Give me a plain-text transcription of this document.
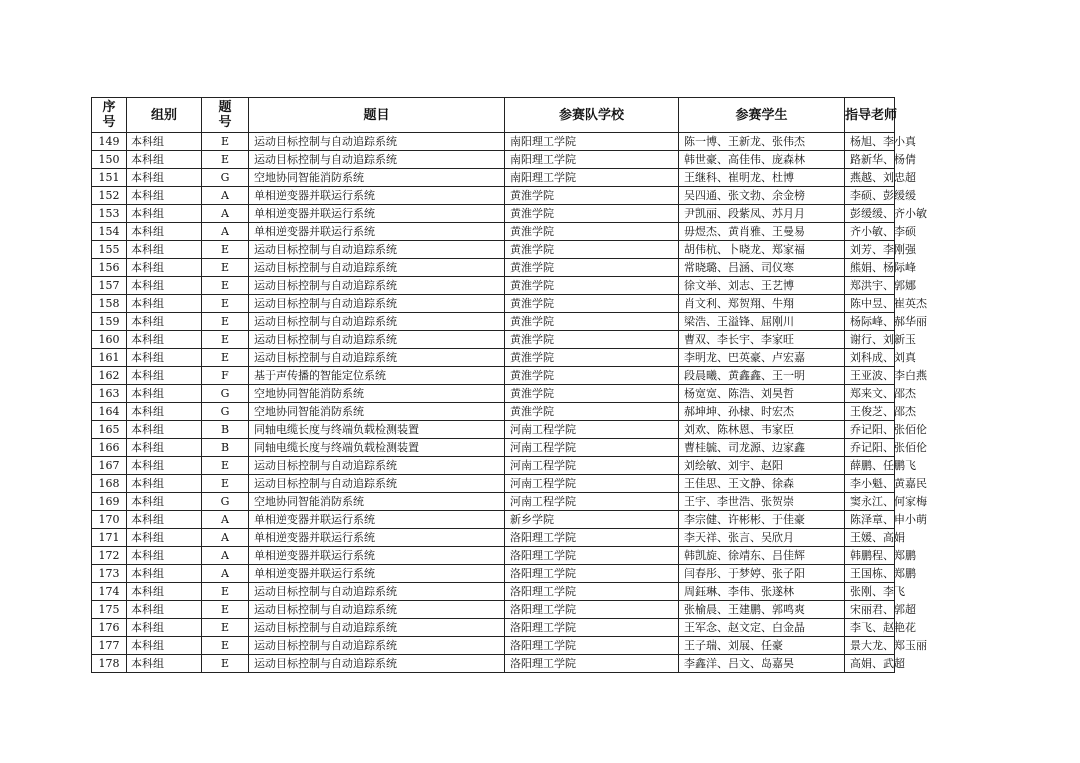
序
号	组别	题
号	题目	参赛队学校	参赛学生	指导老师
149	本科组	E	运动目标控制与自动追踪系统	南阳理工学院	陈一博、王新龙、张伟杰	杨旭、李小真
150	本科组	E	运动目标控制与自动追踪系统	南阳理工学院	韩世豪、高佳伟、庞森林	路新华、杨倩
151	本科组	G	空地协同智能消防系统	南阳理工学院	王继科、崔明龙、杜博	燕越、刘忠超
152	本科组	A	单相逆变器并联运行系统	黄淮学院	吴四通、张文勃、余金榜	李硕、彭缓缓
153	本科组	A	单相逆变器并联运行系统	黄淮学院	尹凯丽、段紫凤、苏月月	彭缓缓、齐小敏
154	本科组	A	单相逆变器并联运行系统	黄淮学院	毋煜杰、黄肖雅、王曼易	齐小敏、李硕
155	本科组	E	运动目标控制与自动追踪系统	黄淮学院	胡伟杭、卜晓龙、郑家福	刘芳、李刚强
156	本科组	E	运动目标控制与自动追踪系统	黄淮学院	常晓璐、吕涵、司仪寒	熊娟、杨际峰
157	本科组	E	运动目标控制与自动追踪系统	黄淮学院	徐文举、刘志、王艺博	郑洪宇、郭娜
158	本科组	E	运动目标控制与自动追踪系统	黄淮学院	肖文利、郑贺翔、牛翔	陈中昱、崔英杰
159	本科组	E	运动目标控制与自动追踪系统	黄淮学院	梁浩、王溢锋、屈刚川	杨际峰、郝华丽
160	本科组	E	运动目标控制与自动追踪系统	黄淮学院	曹双、李长宇、李家旺	谢行、刘新玉
161	本科组	E	运动目标控制与自动追踪系统	黄淮学院	李明龙、巴英豪、卢宏嘉	刘科成、刘真
162	本科组	F	基于声传播的智能定位系统	黄淮学院	段晨曦、黄鑫鑫、王一明	王亚波、李白燕
163	本科组	G	空地协同智能消防系统	黄淮学院	杨宽宽、陈浩、刘昊哲	郑来文、邵杰
164	本科组	G	空地协同智能消防系统	黄淮学院	郝坤坤、孙棣、时宏杰	王俊芝、邵杰
165	本科组	B	同轴电缆长度与终端负载检测装置	河南工程学院	刘欢、陈林恩、韦家臣	乔记阳、张佰伦
166	本科组	B	同轴电缆长度与终端负载检测装置	河南工程学院	曹桂毓、司龙源、边家鑫	乔记阳、张佰伦
167	本科组	E	运动目标控制与自动追踪系统	河南工程学院	刘绘敏、刘宇、赵阳	薛鹏、任鹏飞
168	本科组	E	运动目标控制与自动追踪系统	河南工程学院	王佳思、王文静、徐森	李小魁、黄嘉民
169	本科组	G	空地协同智能消防系统	河南工程学院	王宇、李世浩、张贺崇	窦永江、何家梅
170	本科组	A	单相逆变器并联运行系统	新乡学院	李宗健、许彬彬、于佳豪	陈泽章、申小萌
171	本科组	A	单相逆变器并联运行系统	洛阳理工学院	李天祥、张言、吴欣月	王媛、高娟
172	本科组	A	单相逆变器并联运行系统	洛阳理工学院	韩凯旋、徐靖东、吕佳辉	韩鹏程、郑鹏
173	本科组	A	单相逆变器并联运行系统	洛阳理工学院	闫春彤、于梦婷、张子阳	王国栋、郑鹏
174	本科组	E	运动目标控制与自动追踪系统	洛阳理工学院	周鈺琳、李伟、张遂林	张刚、李飞
175	本科组	E	运动目标控制与自动追踪系统	洛阳理工学院	张榆晨、王建鹏、郭鸣爽	宋丽君、郭超
176	本科组	E	运动目标控制与自动追踪系统	洛阳理工学院	王军念、赵文定、白金晶	李飞、赵艳花
177	本科组	E	运动目标控制与自动追踪系统	洛阳理工学院	王子瑞、刘展、任豪	景大龙、郑玉丽
178	本科组	E	运动目标控制与自动追踪系统	洛阳理工学院	李鑫洋、吕文、岛嘉昊	高娟、武超
